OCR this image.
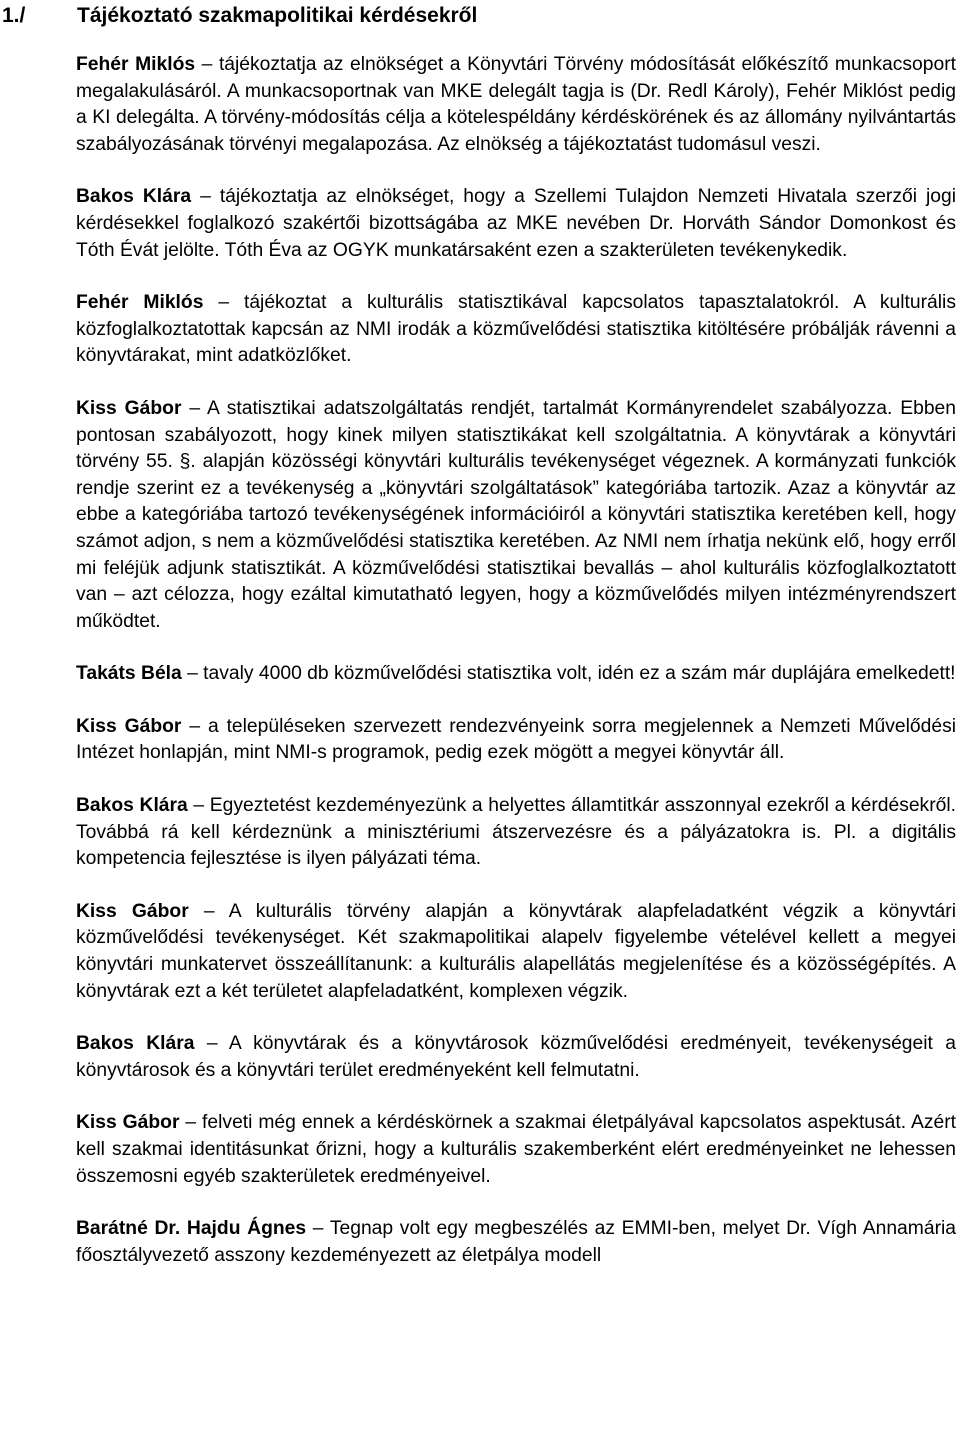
1./ Tájékoztató szakmapolitikai kérdésekről

Fehér Miklós – tájékoztatja az elnökséget a Könyvtári Törvény módosítását előkészítő munkacsoport megalakulásáról. A munkacsoportnak van MKE delegált tagja is (Dr. Redl Károly), Fehér Miklóst pedig a KI delegálta. A törvény-módosítás célja a kötelespéldány kérdéskörének és az állomány nyilvántartás szabályozásának törvényi megalapozása. Az elnökség a tájékoztatást tudomásul veszi.

Bakos Klára – tájékoztatja az elnökséget, hogy a Szellemi Tulajdon Nemzeti Hivatala szerzői jogi kérdésekkel foglalkozó szakértői bizottságába az MKE nevében Dr. Horváth Sándor Domonkost és Tóth Évát jelölte. Tóth Éva az OGYK munkatársaként ezen a szakterületen tevékenykedik.

Fehér Miklós – tájékoztat a kulturális statisztikával kapcsolatos tapasztalatokról. A kulturális közfoglalkoztatottak kapcsán az NMI irodák a közművelődési statisztika kitöltésére próbálják rávenni a könyvtárakat, mint adatközlőket.

Kiss Gábor – A statisztikai adatszolgáltatás rendjét, tartalmát Kormányrendelet szabályozza. Ebben pontosan szabályozott, hogy kinek milyen statisztikákat kell szolgáltatnia. A könyvtárak a könyvtári törvény 55. §. alapján közösségi könyvtári kulturális tevékenységet végeznek. A kormányzati funkciók rendje szerint ez a tevékenység a „könyvtári szolgáltatások” kategóriába tartozik. Azaz a könyvtár az ebbe a kategóriába tartozó tevékenységének információiról a könyvtári statisztika keretében kell, hogy számot adjon, s nem a közművelődési statisztika keretében. Az NMI nem írhatja nekünk elő, hogy erről mi feléjük adjunk statisztikát. A közművelődési statisztikai bevallás – ahol kulturális közfoglalkoztatott van – azt célozza, hogy ezáltal kimutatható legyen, hogy a közművelődés milyen intézményrendszert működtet.

Takáts Béla – tavaly 4000 db közművelődési statisztika volt, idén ez a szám már duplájára emelkedett!

Kiss Gábor – a településeken szervezett rendezvényeink sorra megjelennek a Nemzeti Művelődési Intézet honlapján, mint NMI-s programok, pedig ezek mögött a megyei könyvtár áll.

Bakos Klára – Egyeztetést kezdeményezünk a helyettes államtitkár asszonnyal ezekről a kérdésekről. Továbbá rá kell kérdeznünk a minisztériumi átszervezésre és a pályázatokra is. Pl. a digitális kompetencia fejlesztése is ilyen pályázati téma.

Kiss Gábor – A kulturális törvény alapján a könyvtárak alapfeladatként végzik a könyvtári közművelődési tevékenységet. Két szakmapolitikai alapelv figyelembe vételével kellett a megyei könyvtári munkatervet összeállítanunk: a kulturális alapellátás megjelenítése és a közösségépítés. A könyvtárak ezt a két területet alapfeladatként, komplexen végzik.

Bakos Klára – A könyvtárak és a könyvtárosok közművelődési eredményeit, tevékenységeit a könyvtárosok és a könyvtári terület eredményeként kell felmutatni.

Kiss Gábor – felveti még ennek a kérdéskörnek a szakmai életpályával kapcsolatos aspektusát. Azért kell szakmai identitásunkat őrizni, hogy a kulturális szakemberként elért eredményeinket ne lehessen összemosni egyéb szakterületek eredményeivel.

Barátné Dr. Hajdu Ágnes – Tegnap volt egy megbeszélés az EMMI-ben, melyet Dr. Vígh Annamária főosztályvezető asszony kezdeményezett az életpálya modell
